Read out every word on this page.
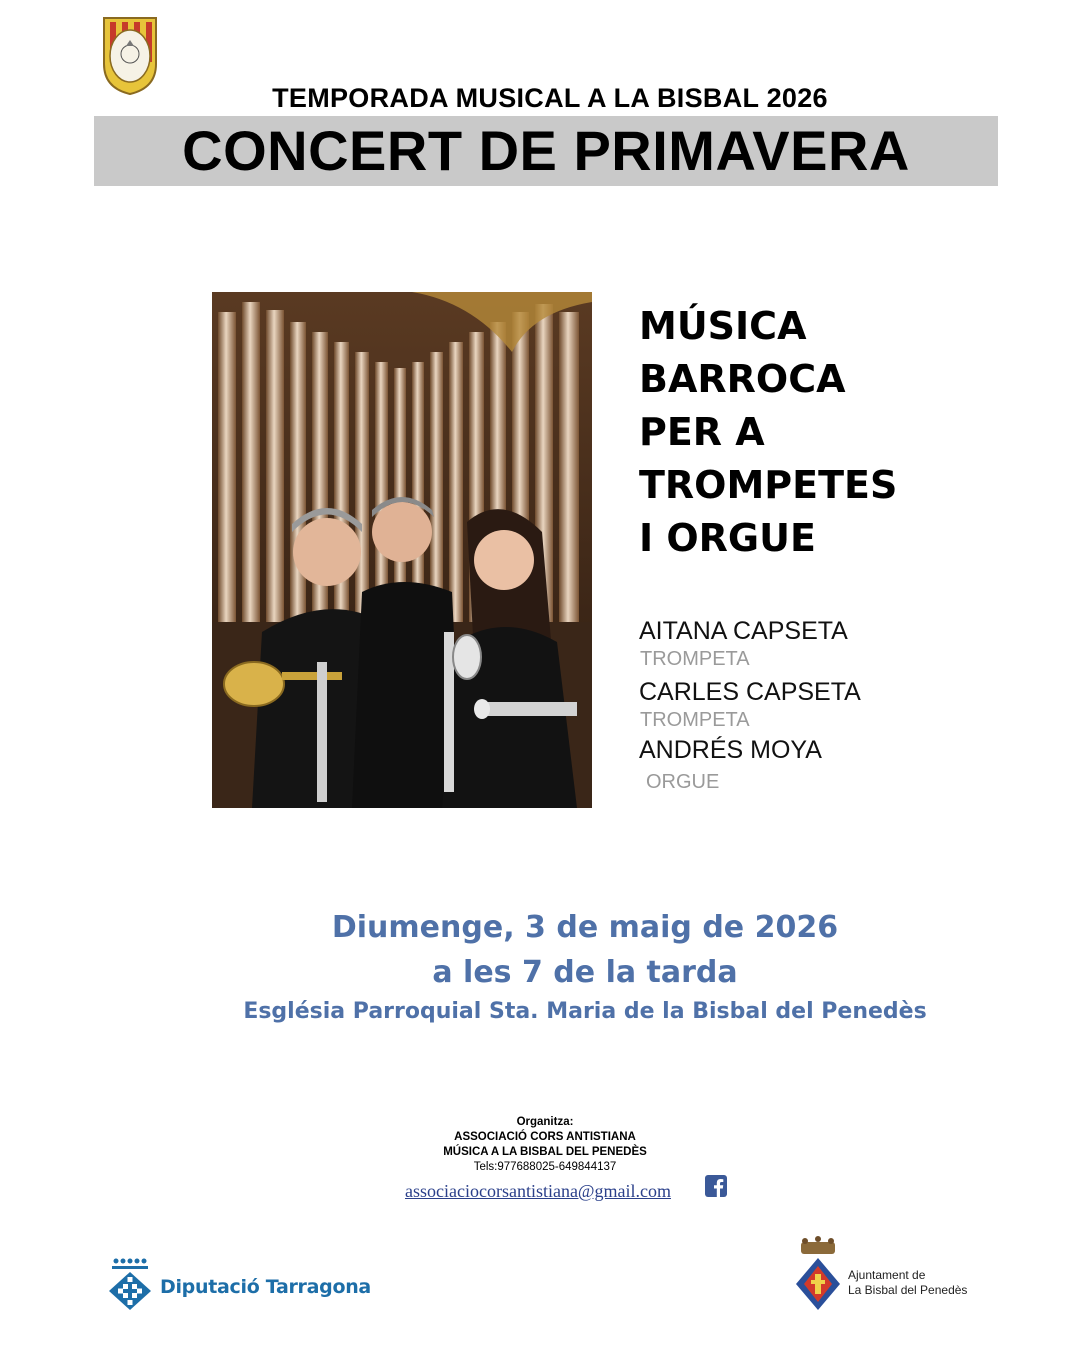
TEMPORADA MUSICAL A LA BISBAL 2026
CONCERT DE PRIMAVERA
MÚSICA
BARROCA
PER A
TROMPETES
I ORGUE
AITANA CAPSETA
TROMPETA
CARLES CAPSETA
TROMPETA
ANDRÉS MOYA
ORGUE
Diumenge, 3 de maig de 2026
a les 7 de la tarda
Església Parroquial Sta. Maria de la Bisbal del Penedès
Organitza:
ASSOCIACIÓ CORS ANTISTIANA
MÚSICA A LA BISBAL DEL PENEDÈS
Tels:977688025-649844137
associaciocorsantistiana@gmail.com
Diputació Tarragona
Ajuntament de
La Bisbal del Penedès
